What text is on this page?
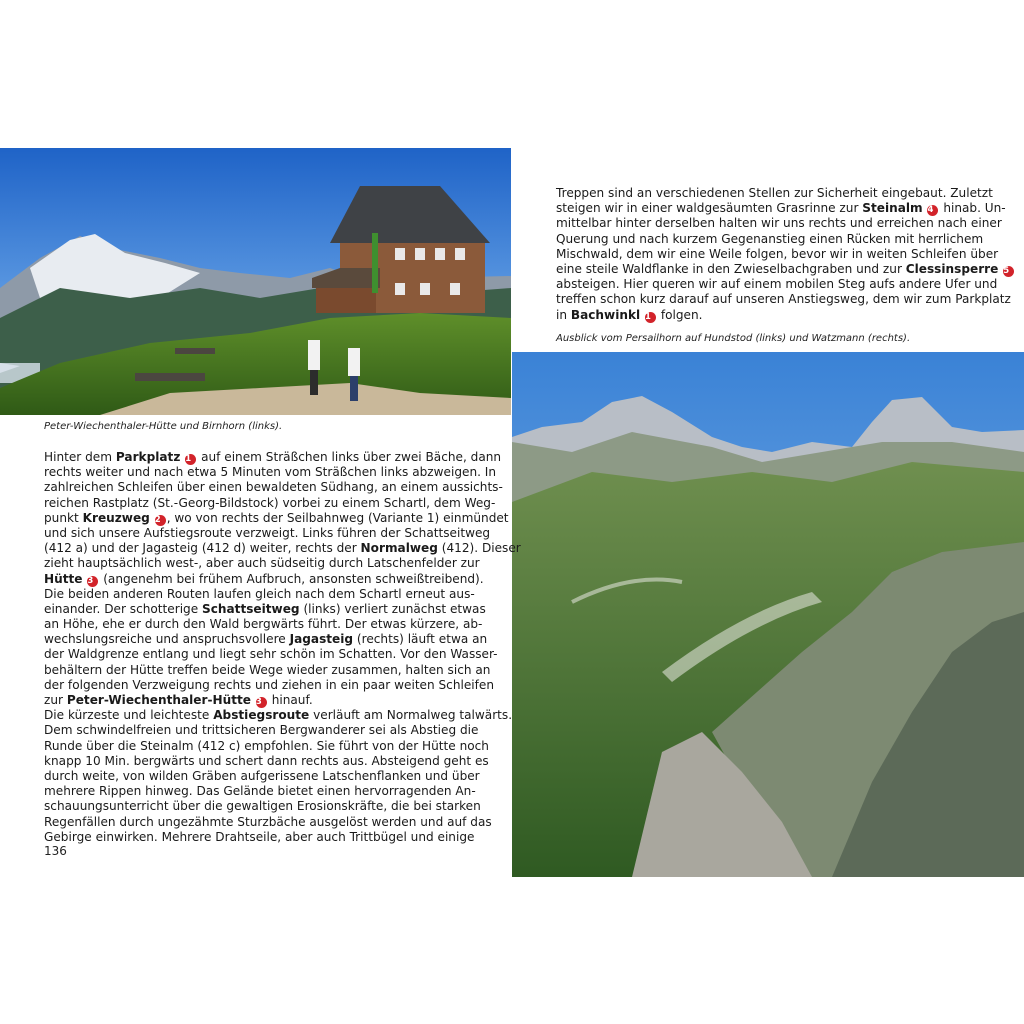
Peter-Wiechenthaler-Hütte und Birnhorn (links).
Ausblick vom Persailhorn auf Hundstod (links) und Watzmann (rechts).
Hinter dem Parkplatz 1 auf einem Sträßchen links über zwei Bäche, dann
rechts weiter und nach etwa 5 Minuten vom Sträßchen links abzweigen. In
zahlreichen Schleifen über einen bewaldeten Südhang, an einem aussichts-
reichen Rastplatz (St.-Georg-Bildstock) vorbei zu einem Schartl, dem Weg-
punkt Kreuzweg 2 , wo von rechts der Seilbahnweg (Variante 1) einmündet
und sich unsere Aufstiegsroute verzweigt. Links führen der Schattseitweg
(412 a) und der Jagasteig (412 d) weiter, rechts der Normalweg (412). Dieser
zieht hauptsächlich west-, aber auch südseitig durch Latschenfelder zur
Hütte 3 (angenehm bei frühem Aufbruch, ansonsten schweißtreibend).
Die beiden anderen Routen laufen gleich nach dem Schartl erneut aus-
einander. Der schotterige Schattseitweg (links) verliert zunächst etwas
an Höhe, ehe er durch den Wald bergwärts führt. Der etwas kürzere, ab-
wechslungsreiche und anspruchsvollere Jagasteig (rechts) läuft etwa an
der Waldgrenze entlang und liegt sehr schön im Schatten. Vor den Wasser-
behältern der Hütte treffen beide Wege wieder zusammen, halten sich an
der folgenden Verzweigung rechts und ziehen in ein paar weiten Schleifen
zur Peter-Wiechenthaler-Hütte 3 hinauf.
Die kürzeste und leichteste Abstiegsroute verläuft am Normalweg talwärts.
Dem schwindelfreien und trittsicheren Bergwanderer sei als Abstieg die
Runde über die Steinalm (412 c) empfohlen. Sie führt von der Hütte noch
knapp 10 Min. bergwärts und schert dann rechts aus. Absteigend geht es
durch weite, von wilden Gräben aufgerissene Latschenflanken und über
mehrere Rippen hinweg. Das Gelände bietet einen hervorragenden An-
schauungsunterricht über die gewaltigen Erosionskräfte, die bei starken
Regenfällen durch ungezähmte Sturzbäche ausgelöst werden und auf das
Gebirge einwirken. Mehrere Drahtseile, aber auch Trittbügel und einige
136
Treppen sind an verschiedenen Stellen zur Sicherheit eingebaut. Zuletzt
steigen wir in einer waldgesäumten Grasrinne zur Steinalm 4 hinab. Un-
mittelbar hinter derselben halten wir uns rechts und erreichen nach einer
Querung und nach kurzem Gegenanstieg einen Rücken mit herrlichem
Mischwald, dem wir eine Weile folgen, bevor wir in weiten Schleifen über
eine steile Waldflanke in den Zwieselbachgraben und zur Clessinsperre 5
absteigen. Hier queren wir auf einem mobilen Steg aufs andere Ufer und
treffen schon kurz darauf auf unseren Anstiegsweg, dem wir zum Parkplatz
in Bachwinkl 1 folgen.
